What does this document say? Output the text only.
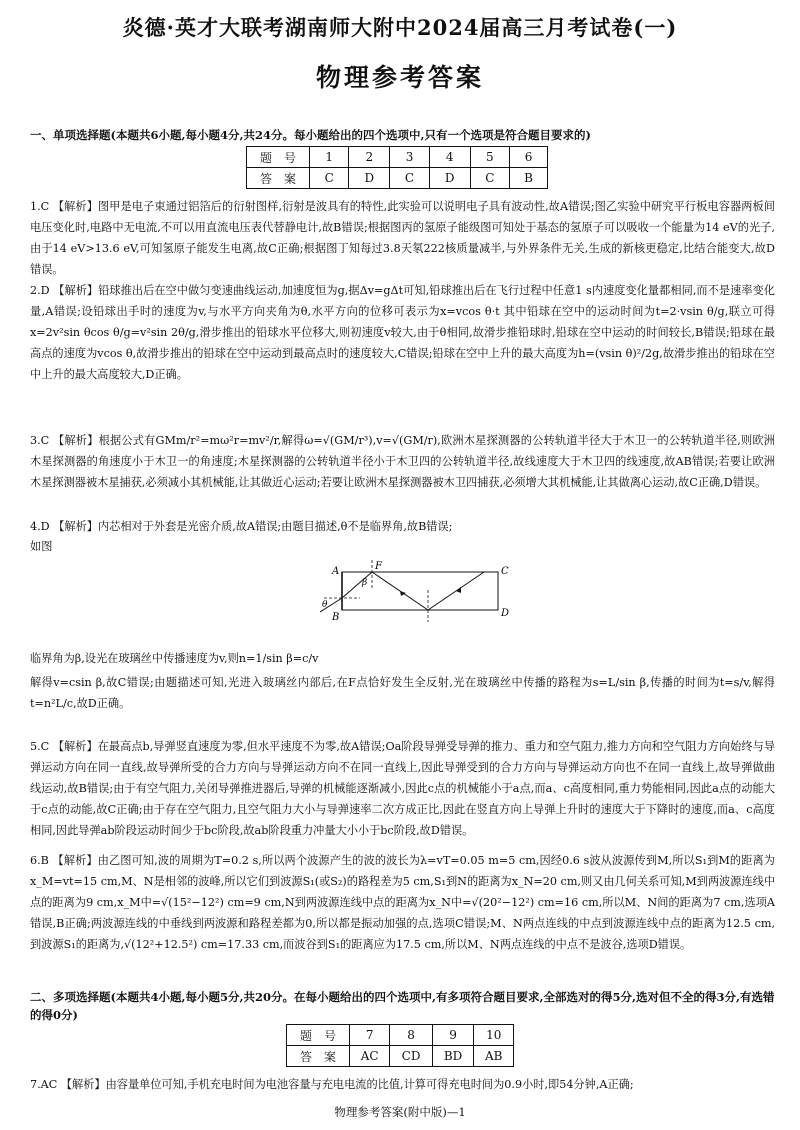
炎德·英才大联考湖南师大附中2024届高三月考试卷(一)
物理参考答案
一、单项选择题(本题共6小题,每小题4分,共24分。每小题给出的四个选项中,只有一个选项是符合题目要求的)
题　号	1	2	3	4	5	6
答　案	C	D	C	D	C	B
1.C 【解析】图甲是电子束通过铝箔后的衍射图样,衍射是波具有的特性,此实验可以说明电子具有波动性,故A错误;图乙实验中研究平行板电容器两板间电压变化时,电路中无电流,不可以用直流电压表代替静电计,故B错误;根据图丙的氢原子能级图可知处于基态的氢原子可以吸收一个能量为14 eV的光子,由于14 eV>13.6 eV,可知氢原子能发生电离,故C正确;根据图丁知每过3.8天氡222核质量减半,与外界条件无关,生成的新核更稳定,比结合能变大,故D错误。
2.D 【解析】铅球推出后在空中做匀变速曲线运动,加速度恒为g,据Δv=gΔt可知,铅球推出后在飞行过程中任意1 s内速度变化量都相同,而不是速率变化量,A错误;设铅球出手时的速度为v,与水平方向夹角为θ,水平方向的位移可表示为x=vcos θ·t 其中铅球在空中的运动时间为t=2·vsin θ/g,联立可得x=2v²sin θcos θ/g=v²sin 2θ/g,滑步推出的铅球水平位移大,则初速度v较大,由于θ相同,故滑步推铅球时,铅球在空中运动的时间较长,B错误;铅球在最高点的速度为vcos θ,故滑步推出的铅球在空中运动到最高点时的速度较大,C错误;铅球在空中上升的最大高度为h=(vsin θ)²/2g,故滑步推出的铅球在空中上升的最大高度较大,D正确。
3.C 【解析】根据公式有GMm/r²=mω²r=mv²/r,解得ω=√(GM/r³),v=√(GM/r),欧洲木星探测器的公转轨道半径大于木卫一的公转轨道半径,则欧洲木星探测器的角速度小于木卫一的角速度;木星探测器的公转轨道半径小于木卫四的公转轨道半径,故线速度大于木卫四的线速度,故AB错误;若要让欧洲木星探测器被木星捕获,必须减小其机械能,让其做近心运动;若要让欧洲木星探测器被木卫四捕获,必须增大其机械能,让其做离心运动,故C正确,D错误。
4.D 【解析】内芯相对于外套是光密介质,故A错误;由题目描述,θ不是临界角,故B错误;
如图
A
B
C
D
F
β
θ
临界角为β,设光在玻璃丝中传播速度为v,则n=1/sin β=c/v
解得v=csin β,故C错误;由题描述可知,光进入玻璃丝内部后,在F点恰好发生全反射,光在玻璃丝中传播的路程为s=L/sin β,传播的时间为t=s/v,解得t=n²L/c,故D正确。
5.C 【解析】在最高点b,导弹竖直速度为零,但水平速度不为零,故A错误;Oa阶段导弹受导弹的推力、重力和空气阻力,推力方向和空气阻力方向始终与导弹运动方向在同一直线,故导弹所受的合力方向与导弹运动方向不在同一直线上,因此导弹受到的合力方向与导弹运动方向也不在同一直线上,故导弹做曲线运动,故B错误;由于有空气阻力,关闭导弹推进器后,导弹的机械能逐渐减小,因此c点的机械能小于a点,而a、c高度相同,重力势能相同,因此a点的动能大于c点的动能,故C正确;由于存在空气阻力,且空气阻力大小与导弹速率二次方成正比,因此在竖直方向上导弹上升时的速度大于下降时的速度,而a、c高度相同,因此导弹ab阶段运动时间少于bc阶段,故ab阶段重力冲量大小小于bc阶段,故D错误。
6.B 【解析】由乙图可知,波的周期为T=0.2 s,所以两个波源产生的波的波长为λ=vT=0.05 m=5 cm,因经0.6 s波从波源传到M,所以S₁到M的距离为x_M=vt=15 cm,M、N是相邻的波峰,所以它们到波源S₁(或S₂)的路程差为5 cm,S₁到N的距离为x_N=20 cm,则又由几何关系可知,M到两波源连线中点的距离为9 cm,x_M中=√(15²−12²) cm=9 cm,N到两波源连线中点的距离为x_N中=√(20²−12²) cm=16 cm,所以M、N间的距离为7 cm,选项A错误,B正确;两波源连线的中垂线到两波源和路程差都为0,所以都是振动加强的点,选项C错误;M、N两点连线的中点到波源连线中点的距离为12.5 cm,到波源S₁的距离为,√(12²+12.5²) cm=17.33 cm,而波谷到S₁的距离应为17.5 cm,所以M、N两点连线的中点不是波谷,选项D错误。
二、多项选择题(本题共4小题,每小题5分,共20分。在每小题给出的四个选项中,有多项符合题目要求,全部选对的得5分,选对但不全的得3分,有选错的得0分)
题　号	7	8	9	10
答　案	AC	CD	BD	AB
7.AC 【解析】由容量单位可知,手机充电时间为电池容量与充电电流的比值,计算可得充电时间为0.9小时,即54分钟,A正确;
物理参考答案(附中版)—1
